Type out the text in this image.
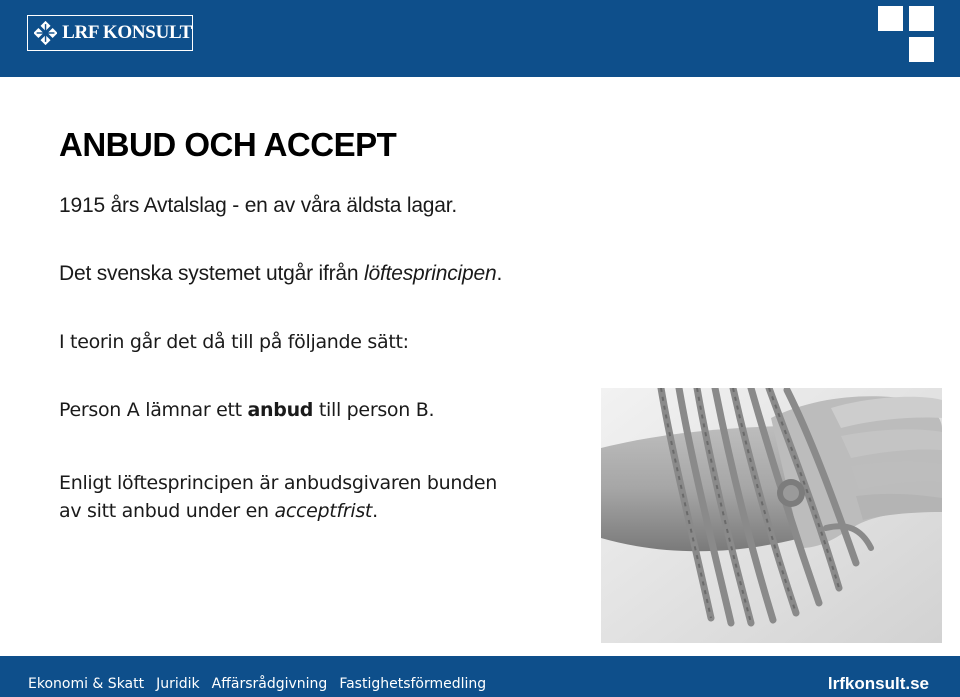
LRF KONSULT
ANBUD OCH ACCEPT

1915 års Avtalslag - en av våra äldsta lagar.

Det svenska systemet utgår ifrån löftesprincipen.

I teorin går det då till på följande sätt:

Person A lämnar ett anbud till person B.

Enligt löftesprincipen är anbudsgivaren bunden
av sitt anbud under en acceptfrist.

Ekonomi & Skatt Juridik Affärsrådgivning Fastighetsförmedling	lrfkonsult.se
